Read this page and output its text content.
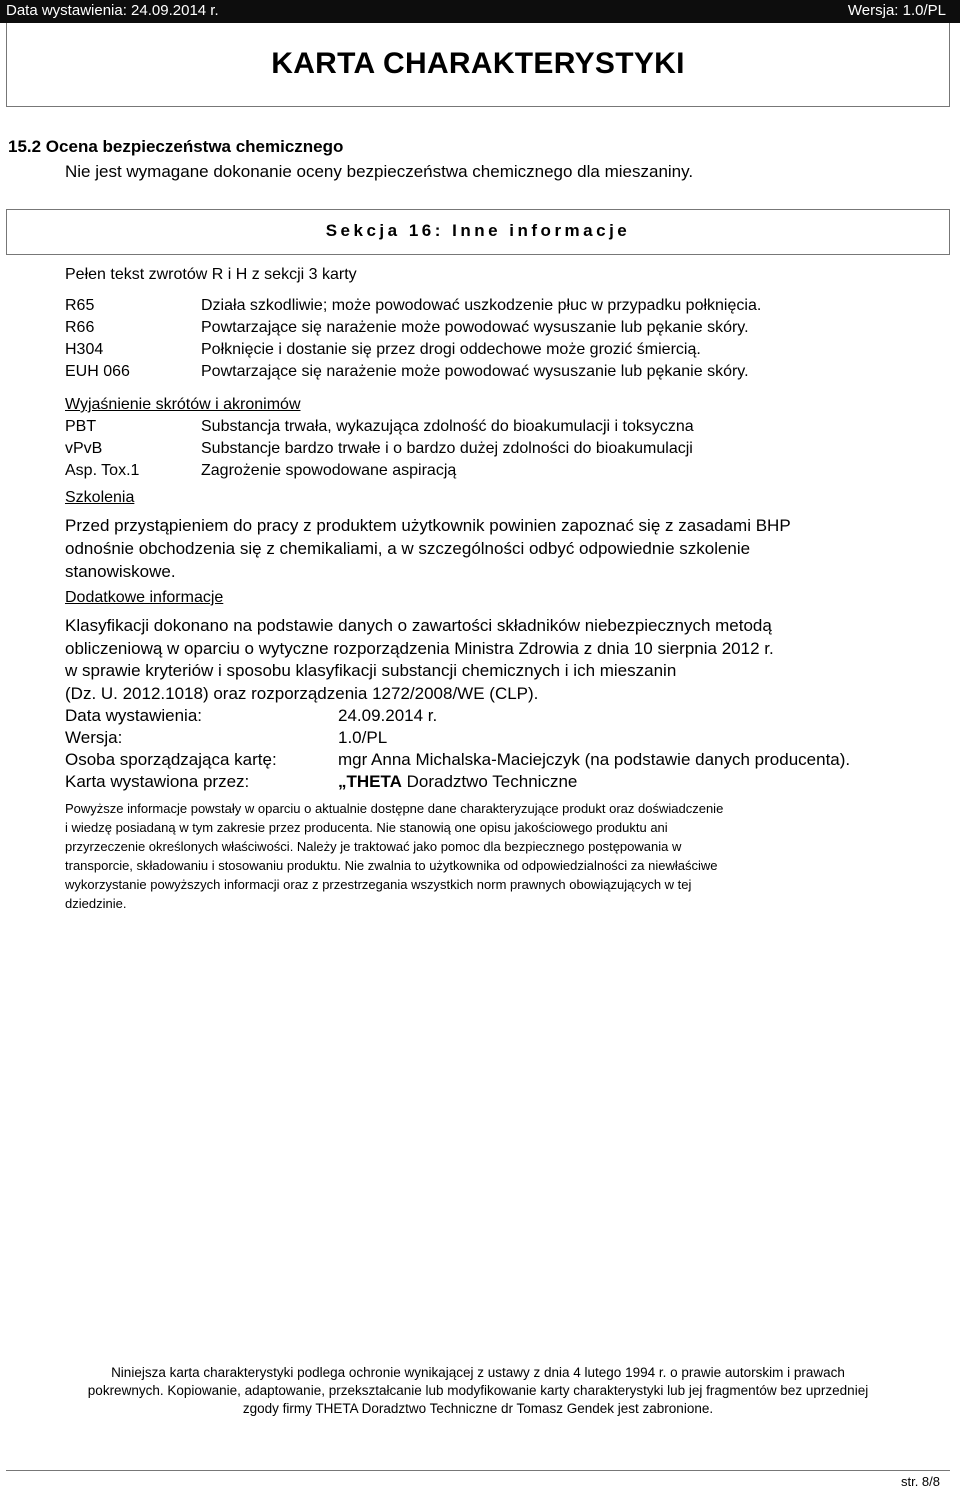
Data wystawienia: 24.09.2014 r.	Wersja: 1.0/PL
KARTA CHARAKTERYSTYKI
15.2 Ocena bezpieczeństwa chemicznego
Nie jest wymagane dokonanie oceny bezpieczeństwa chemicznego dla mieszaniny.
Sekcja 16: Inne informacje
Pełen tekst zwrotów R i H z sekcji 3 karty
R65	Działa szkodliwie; może powodować uszkodzenie płuc w przypadku połknięcia.
R66	Powtarzające się narażenie może powodować wysuszanie lub pękanie skóry.
H304	Połknięcie i dostanie się przez drogi oddechowe może grozić śmiercią.
EUH 066	Powtarzające się narażenie może powodować wysuszanie lub pękanie skóry.
Wyjaśnienie skrótów i akronimów
PBT	Substancja trwała, wykazująca zdolność do bioakumulacji i toksyczna
vPvB	Substancje bardzo trwałe i o bardzo dużej zdolności do bioakumulacji
Asp. Tox.1	Zagrożenie spowodowane aspiracją
Szkolenia
Przed przystąpieniem do pracy z produktem użytkownik powinien zapoznać się z zasadami BHP
odnośnie obchodzenia się z chemikaliami, a w szczególności odbyć odpowiednie szkolenie
stanowiskowe.
Dodatkowe informacje
Klasyfikacji dokonano na podstawie danych o zawartości składników niebezpiecznych metodą
obliczeniową w oparciu o wytyczne rozporządzenia Ministra Zdrowia z dnia 10 sierpnia 2012 r.
w sprawie kryteriów i sposobu klasyfikacji substancji chemicznych i ich mieszanin
(Dz. U. 2012.1018) oraz rozporządzenia 1272/2008/WE (CLP).
Data wystawienia:	24.09.2014 r.
Wersja:	1.0/PL
Osoba sporządzająca kartę:	mgr Anna Michalska-Maciejczyk (na podstawie danych producenta).
Karta wystawiona przez:	„THETA Doradztwo Techniczne
Powyższe informacje powstały w oparciu o aktualnie dostępne dane charakteryzujące produkt oraz doświadczenie
i wiedzę posiadaną w tym zakresie przez producenta. Nie stanowią one opisu jakościowego produktu ani
przyrzeczenie określonych właściwości. Należy je traktować jako pomoc dla bezpiecznego postępowania w
transporcie, składowaniu i stosowaniu produktu. Nie zwalnia to użytkownika od odpowiedzialności za niewłaściwe
wykorzystanie powyższych informacji oraz z przestrzegania wszystkich norm prawnych obowiązujących w tej
dziedzinie.
Niniejsza karta charakterystyki podlega ochronie wynikającej z ustawy z dnia 4 lutego 1994 r. o prawie autorskim i prawach
pokrewnych. Kopiowanie, adaptowanie, przekształcanie lub modyfikowanie karty charakterystyki lub jej fragmentów bez uprzedniej
zgody firmy THETA Doradztwo Techniczne dr Tomasz Gendek jest zabronione.
str. 8/8
